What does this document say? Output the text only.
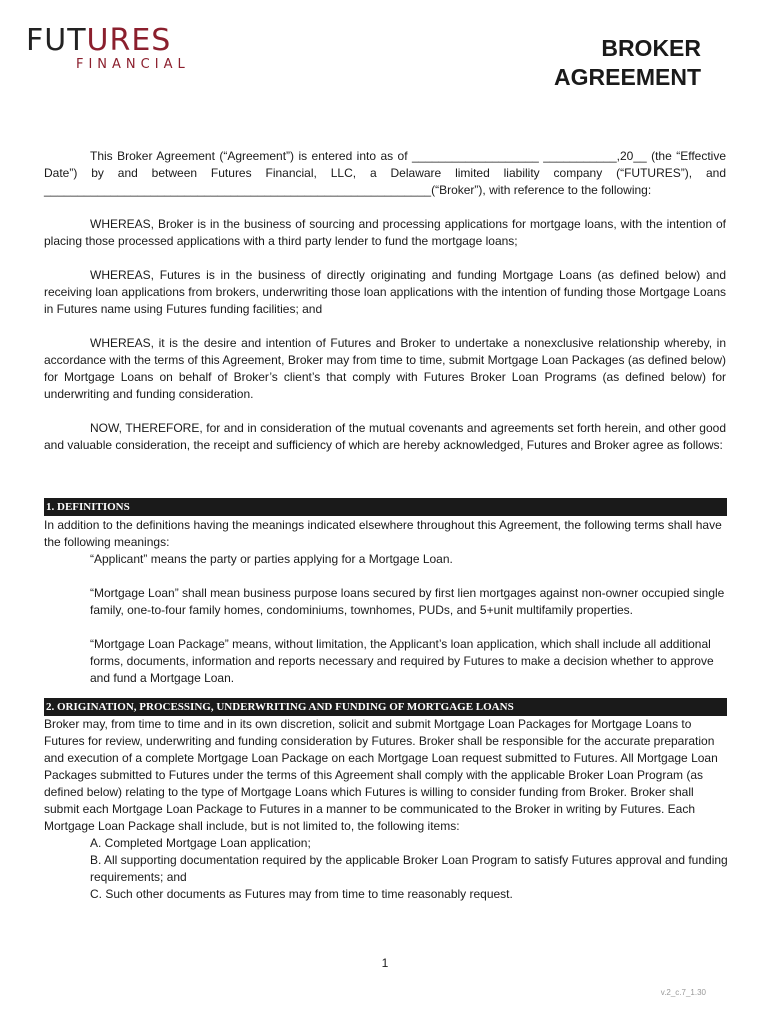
FUTURES
FINANCIAL
BROKER
AGREEMENT

This Broker Agreement (“Agreement”) is entered into as of ___________________ ___________,20__ (the “Effective Date”) by and between Futures Financial, LLC, a Delaware limited liability company (“FUTURES”), and __________________________________________________________(“Broker”), with reference to the following:

WHEREAS, Broker is in the business of sourcing and processing applications for mortgage loans, with the intention of placing those processed applications with a third party lender to fund the mortgage loans;

WHEREAS, Futures is in the business of directly originating and funding Mortgage Loans (as defined below) and receiving loan applications from brokers, underwriting those loan applications with the intention of funding those Mortgage Loans in Futures name using Futures funding facilities; and

WHEREAS, it is the desire and intention of Futures and Broker to undertake a nonexclusive relationship whereby, in accordance with the terms of this Agreement, Broker may from time to time, submit Mortgage Loan Packages (as defined below) for Mortgage Loans on behalf of Broker’s client’s that comply with Futures Broker Loan Programs (as defined below) for underwriting and funding consideration.

NOW, THEREFORE, for and in consideration of the mutual covenants and agreements set forth herein, and other good and valuable consideration, the receipt and sufficiency of which are hereby acknowledged, Futures and Broker agree as follows:

1. DEFINITIONS

In addition to the definitions having the meanings indicated elsewhere throughout this Agreement, the following terms shall have the following meanings:

“Applicant” means the party or parties applying for a Mortgage Loan.

“Mortgage Loan” shall mean business purpose loans secured by first lien mortgages against non-owner occupied single family, one-to-four family homes, condominiums, townhomes, PUDs, and 5+unit multifamily properties.

“Mortgage Loan Package” means, without limitation, the Applicant’s loan application, which shall include all additional forms, documents, information and reports necessary and required by Futures to make a decision whether to approve and fund a Mortgage Loan.

2. ORIGINATION, PROCESSING, UNDERWRITING AND FUNDING OF MORTGAGE LOANS

Broker may, from time to time and in its own discretion, solicit and submit Mortgage Loan Packages for Mortgage Loans to Futures for review, underwriting and funding consideration by Futures. Broker shall be responsible for the accurate preparation and execution of a complete Mortgage Loan Package on each Mortgage Loan request submitted to Futures. All Mortgage Loan Packages submitted to Futures under the terms of this Agreement shall comply with the applicable Broker Loan Program (as defined below) relating to the type of Mortgage Loans which Futures is willing to consider funding from Broker. Broker shall submit each Mortgage Loan Package to Futures in a manner to be communicated to the Broker in writing by Futures. Each Mortgage Loan Package shall include, but is not limited to, the following items:

A. Completed Mortgage Loan application;

B. All supporting documentation required by the applicable Broker Loan Program to satisfy Futures approval and funding requirements; and

C. Such other documents as Futures may from time to time reasonably request.

1
v.2_c.7_1.30
